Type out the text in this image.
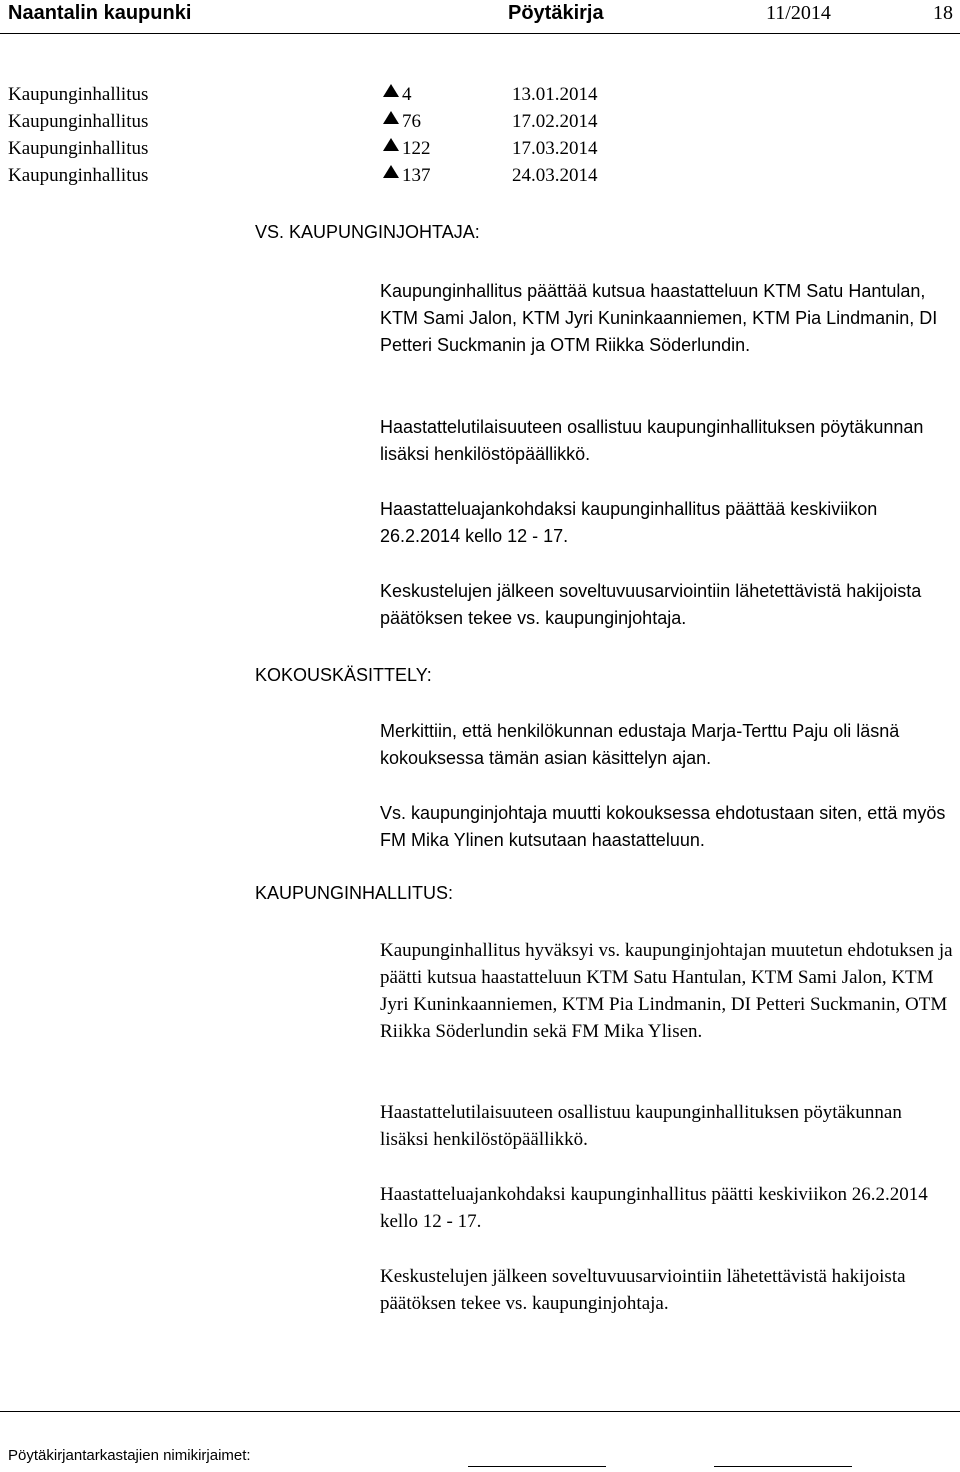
Naantalin kaupunki	Pöytäkirja	11/2014	18
Kaupunginhallitus	4	13.01.2014
Kaupunginhallitus	76	17.02.2014
Kaupunginhallitus	122	17.03.2014
Kaupunginhallitus	137	24.03.2014
VS. KAUPUNGINJOHTAJA:
Kaupunginhallitus päättää kutsua haastatteluun KTM Satu Hantulan, KTM Sami Jalon, KTM Jyri Kuninkaanniemen, KTM Pia Lindmanin, DI Petteri Suckmanin ja OTM Riikka Söderlundin.
Haastattelutilaisuuteen osallistuu kaupunginhallituksen pöytäkunnan lisäksi henkilöstöpäällikkö.
Haastatteluajankohdaksi kaupunginhallitus päättää keskiviikon 26.2.2014 kello 12 - 17.
Keskustelujen jälkeen soveltuvuusarviointiin lähetettävistä hakijoista päätöksen tekee vs. kaupunginjohtaja.
KOKOUSKÄSITTELY:
Merkittiin, että henkilökunnan edustaja Marja-Terttu Paju oli läsnä kokouksessa tämän asian käsittelyn ajan.
Vs. kaupunginjohtaja muutti kokouksessa ehdotustaan siten, että myös FM Mika Ylinen kutsutaan haastatteluun.
KAUPUNGINHALLITUS:
Kaupunginhallitus hyväksyi vs. kaupunginjohtajan muutetun ehdotuksen ja päätti kutsua haastatteluun KTM Satu Hantulan, KTM Sami Jalon, KTM Jyri Kuninkaanniemen, KTM Pia Lindmanin, DI Petteri Suckmanin, OTM Riikka Söderlundin sekä FM Mika Ylisen.
Haastattelutilaisuuteen osallistuu kaupunginhallituksen pöytäkunnan lisäksi henkilöstöpäällikkö.
Haastatteluajankohdaksi kaupunginhallitus päätti keskiviikon 26.2.2014 kello 12 - 17.
Keskustelujen jälkeen soveltuvuusarviointiin lähetettävistä hakijoista päätöksen tekee vs. kaupunginjohtaja.
Pöytäkirjantarkastajien nimikirjaimet:
